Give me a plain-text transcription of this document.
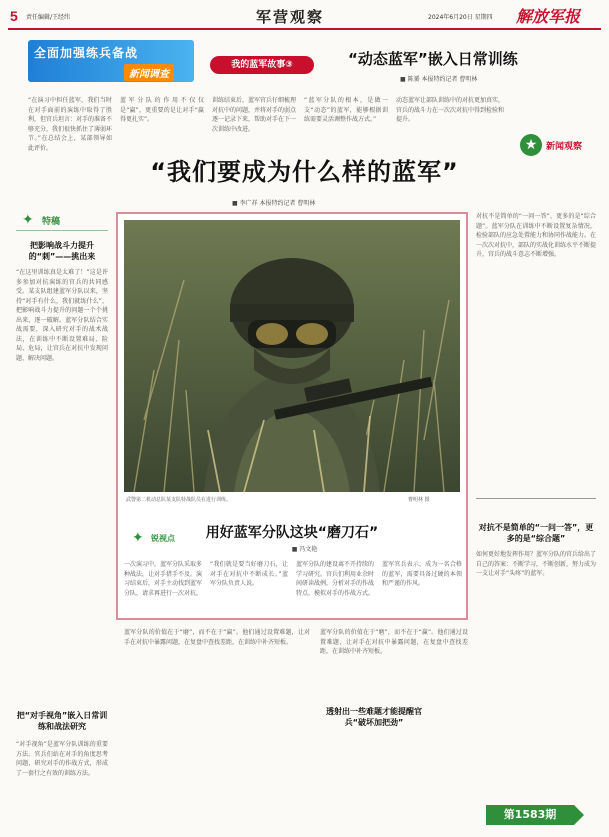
5 责任编辑/王经纬	军营观察	2024年6月20日 星期四 解放军报
全面加强练兵备战
新闻调查
我的蓝军故事③	“动态蓝军”嵌入日常训练
■ 陈赟 本报特约记者 曹明林
“在演习中担任蓝军，我们当时在对手面前的演练中取得了胜利，但官兵坦言：对手的准备不够充分，我们很快抓住了薄弱环节。”在总结会上，某部领导如此评价。
蓝军分队的作用不仅仅是“赢”，更重要的是让对手“赢得更扎实”。
训练结束后，蓝军官兵仔细梳理对抗中的问题，并将对手的弱点逐一记录下来，帮助对手在下一次训练中改进。
“蓝军分队的根本，是做一支“动态”的蓝军，能够根据训练需要灵活调整作战方式。”
动态蓝军让部队训练中的对抗更加真实，官兵的战斗力在一次次对抗中得到检验和提升。
★ 新闻观察
“我们要成为什么样的蓝军”
■ 李广祥 本报特约记者 曹明林
✦ 特稿
把影响战斗力提升的“刺”——挑出来
“在这里训练真是太难了！”这是许多参加对抗演练的官兵的共同感受。某支队组建蓝军分队以来，坚持“对手有什么，我们就练什么”，把影响战斗力提升的问题一个个挑出来，逐一破解。蓝军分队结合实战需要，深入研究对手的战术战法，在训练中不断设置难局、险局、危局，让官兵在对抗中发现问题、解决问题。
武警第二机动总队某支队特战队员在进行训练。	曹明林 摄
✦ 锐视点	用好蓝军分队这块“磨刀石”
■ 冯文艳
一次演习中，蓝军分队采取多种战法，让对手措手不及。演习结束后，对手主动找到蓝军分队，请求再进行一次对抗。
“我们就是要当好磨刀石，让对手在对抗中不断成长。”蓝军分队负责人说。
蓝军分队的建设离不开持续的学习研究。官兵们利用业余时间研读战例，分析对手的作战特点，模拟对手的作战方式。
蓝军官兵表示，成为一名合格的蓝军，需要具备过硬的本领和严谨的作风。
对抗不是简单的“一问一答”，更多的是“综合题”。蓝军分队在训练中不断设置复杂情况，检验部队的应急处置能力和协同作战能力。在一次次对抗中，部队的实战化训练水平不断提升，官兵的战斗意志不断增强。
对抗不是简单的“一问一答”，更多的是“综合题”
如何更好地发挥作用？蓝军分队的官兵给出了自己的答案：不断学习，不断创新，努力成为一支让对手“头疼”的蓝军。
蓝军分队的价值在于“磨”，而不在于“赢”。他们通过设置难题，让对手在对抗中暴露问题，在复盘中查找差距，在训练中补齐短板。
透射出一些难题才能提醒官兵“破坏加把劲”
蓝军分队的价值在于“磨”，而不在于“赢”。他们通过设置难题，让对手在对抗中暴露问题，在复盘中查找差距，在训练中补齐短板。
把“对手视角”嵌入日常训练和战法研究
“对手视角”是蓝军分队训练的重要方法。官兵们站在对手的角度思考问题，研究对手的作战方式，形成了一套行之有效的训练方法。
第1583期
